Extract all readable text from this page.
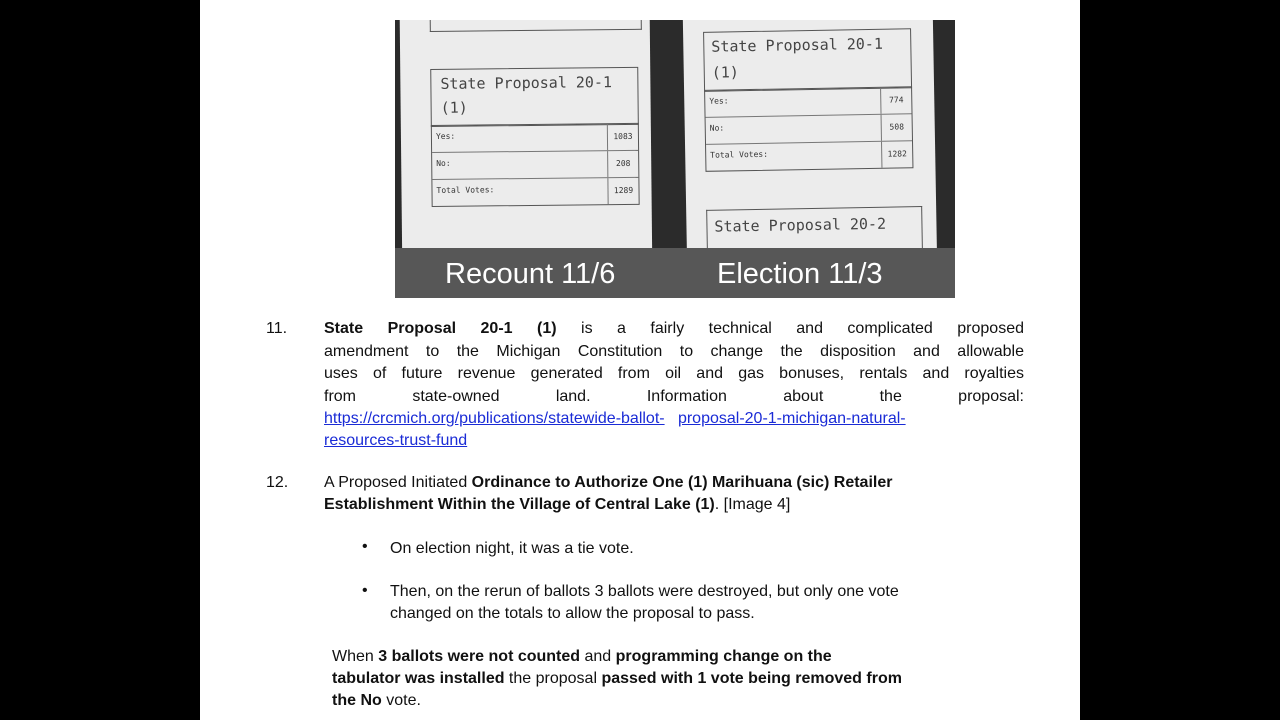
State Proposal 20-1
(1)
Yes:	1083
No:	208
Total Votes:	1289
State Proposal 20-1
(1)
Yes:	774
No:	508
Total Votes:	1282
State Proposal 20-2
Recount 11/6	Election 11/3
11. State Proposal 20-1 (1) is a fairly technical and complicated proposed
amendment to the Michigan Constitution to change the disposition and allowable
uses of future revenue generated from oil and gas bonuses, rentals and royalties
from state-owned land. Information about the proposal:
https://crcmich.org/publications/statewide-ballot- proposal-20-1-michigan-natural-
resources-trust-fund
12. A Proposed Initiated Ordinance to Authorize One (1) Marihuana (sic) Retailer
Establishment Within the Village of Central Lake (1). [Image 4]
• On election night, it was a tie vote.
• Then, on the rerun of ballots 3 ballots were destroyed, but only one vote
changed on the totals to allow the proposal to pass.
When 3 ballots were not counted and programming change on the
tabulator was installed the proposal passed with 1 vote being removed from
the No vote.
